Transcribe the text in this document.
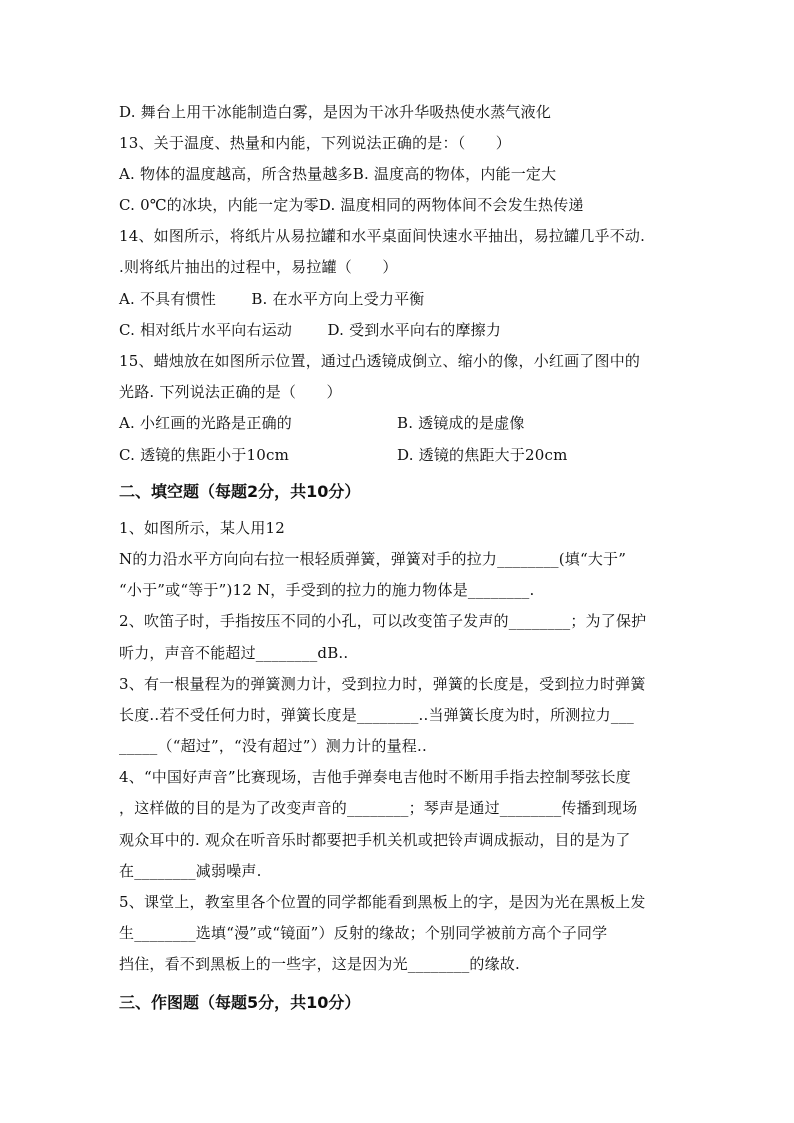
D. 舞台上用干冰能制造白雾，是因为干冰升华吸热使水蒸气液化
13、关于温度、热量和内能，下列说法正确的是：（　　）
A. 物体的温度越高，所含热量越多B. 温度高的物体，内能一定大
C. 0℃的冰块，内能一定为零D. 温度相同的两物体间不会发生热传递
14、如图所示，将纸片从易拉罐和水平桌面间快速水平抽出，易拉罐几乎不动.
.则将纸片抽出的过程中，易拉罐（　　）
A. 不具有惯性　　 B. 在水平方向上受力平衡
C. 相对纸片水平向右运动　　 D. 受到水平向右的摩擦力
15、蜡烛放在如图所示位置，通过凸透镜成倒立、缩小的像，小红画了图中的
光路. 下列说法正确的是（　　）
A. 小红画的光路是正确的	B. 透镜成的是虚像
C. 透镜的焦距小于10cm	D. 透镜的焦距大于20cm
二、填空题（每题2分，共10分）
1、如图所示，某人用12
N的力沿水平方向向右拉一根轻质弹簧，弹簧对手的拉力________(填“大于”
“小于”或“等于”)12 N，手受到的拉力的施力物体是________.
2、吹笛子时，手指按压不同的小孔，可以改变笛子发声的________；为了保护
听力，声音不能超过________dB..
3、有一根量程为的弹簧测力计，受到拉力时，弹簧的长度是，受到拉力时弹簧
长度..若不受任何力时，弹簧长度是________..当弹簧长度为时，所测拉力___
_____（“超过”，“没有超过”）测力计的量程..
4、“中国好声音”比赛现场，吉他手弹奏电吉他时不断用手指去控制琴弦长度
，这样做的目的是为了改变声音的________；琴声是通过________传播到现场
观众耳中的. 观众在听音乐时都要把手机关机或把铃声调成振动，目的是为了
在________减弱噪声.
5、课堂上，教室里各个位置的同学都能看到黑板上的字，是因为光在黑板上发
生________选填“漫”或“镜面”）反射的缘故；个别同学被前方高个子同学
挡住，看不到黑板上的一些字，这是因为光________的缘故.
三、作图题（每题5分，共10分）
